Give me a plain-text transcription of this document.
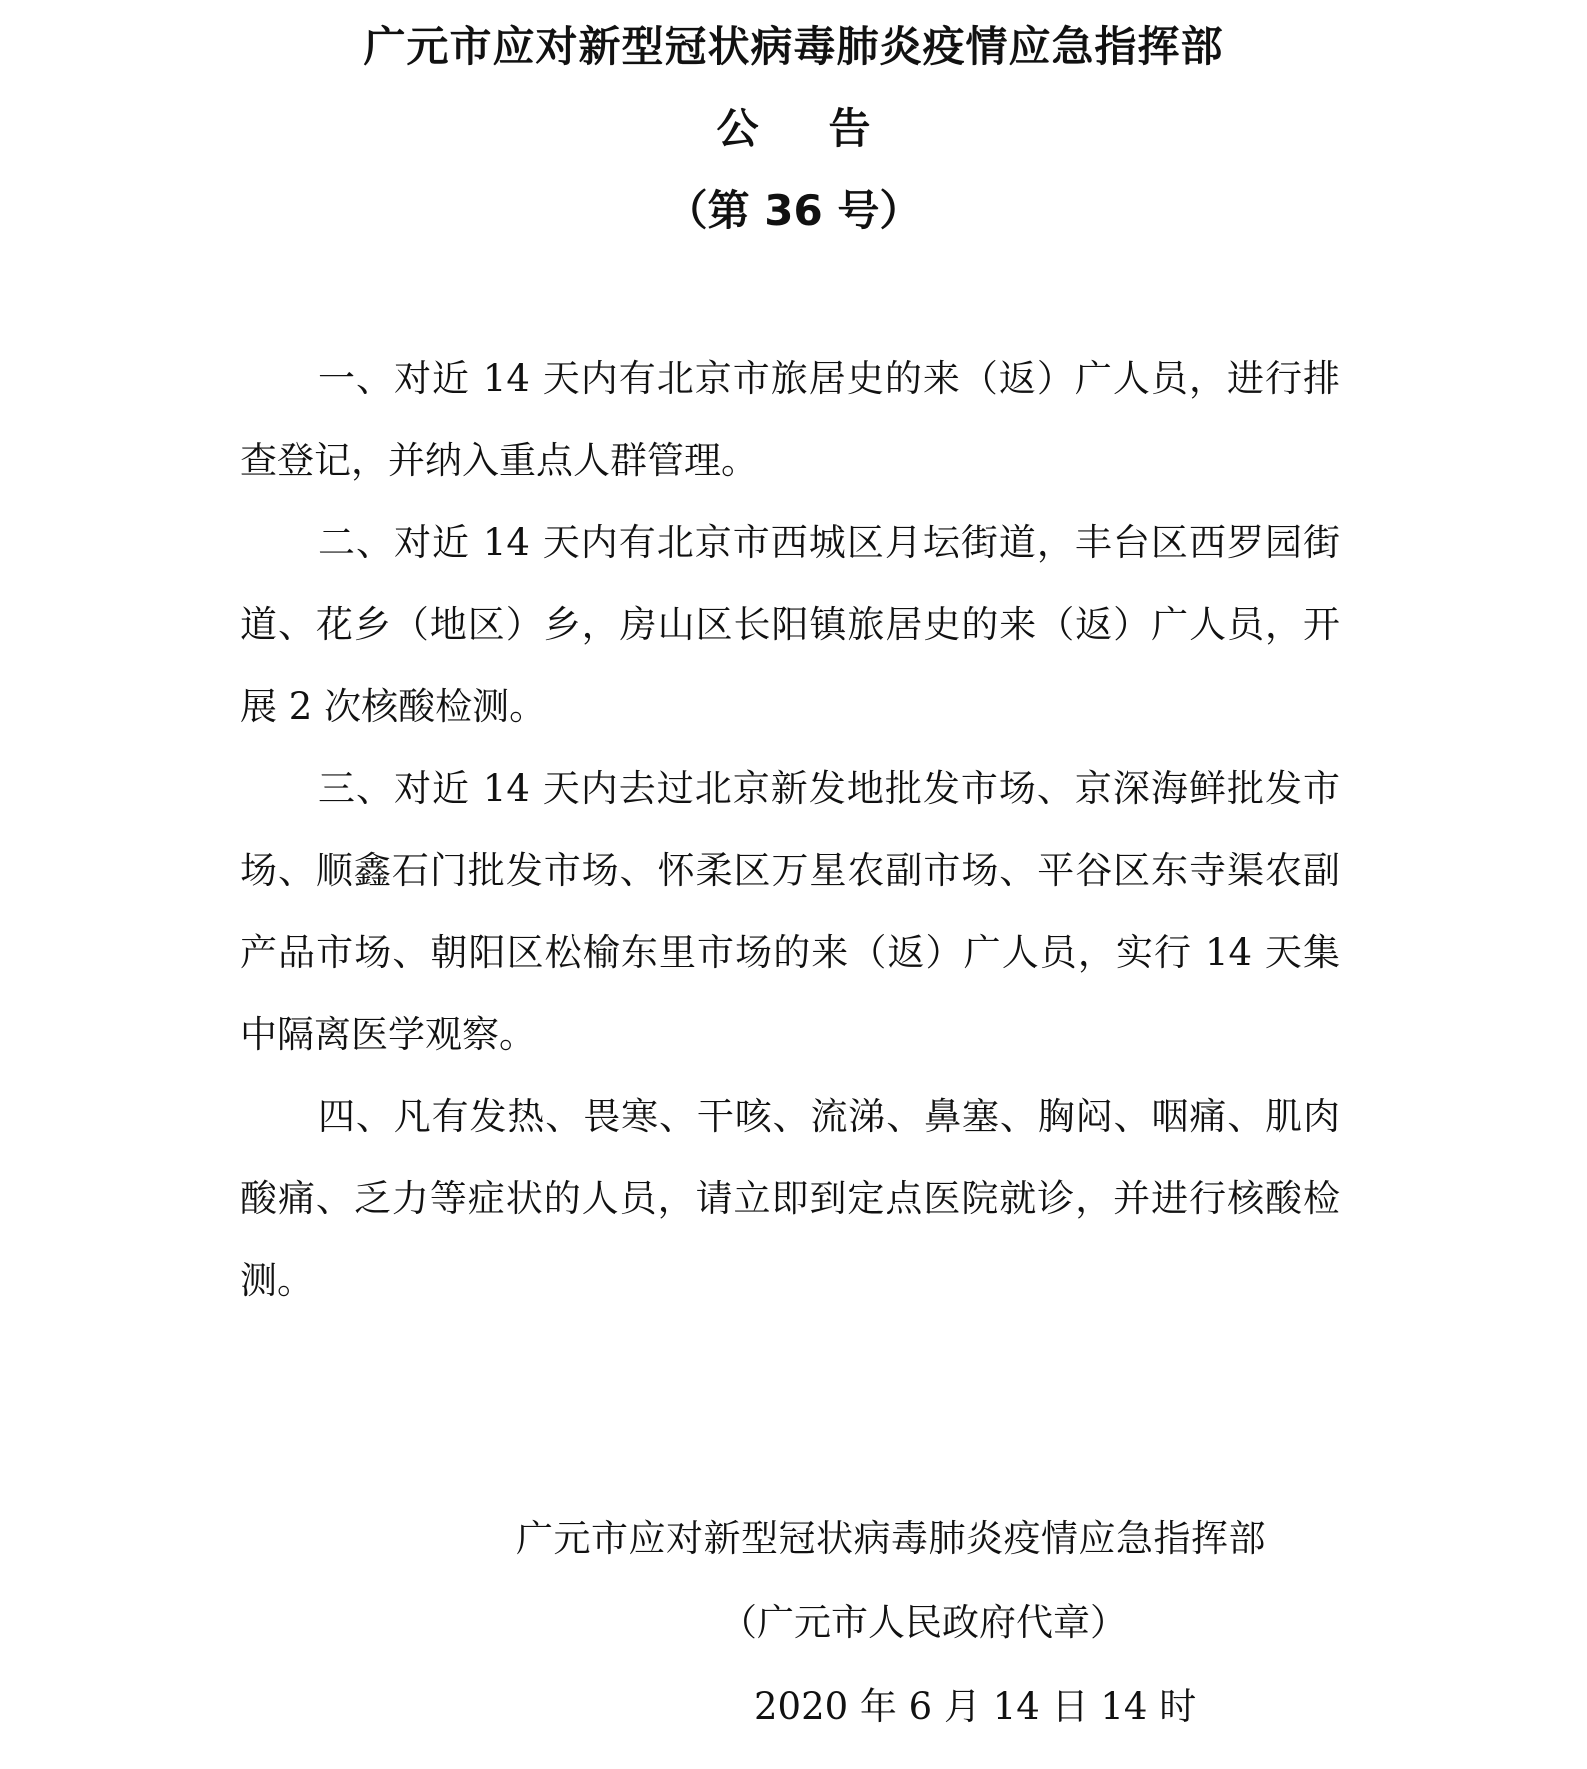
广元市应对新型冠状病毒肺炎疫情应急指挥部
公告
（第 36 号）

一、对近 14 天内有北京市旅居史的来（返）广人员，进行排查登记，并纳入重点人群管理。

二、对近 14 天内有北京市西城区月坛街道，丰台区西罗园街道、花乡（地区）乡，房山区长阳镇旅居史的来（返）广人员，开展 2 次核酸检测。

三、对近 14 天内去过北京新发地批发市场、京深海鲜批发市场、顺鑫石门批发市场、怀柔区万星农副市场、平谷区东寺渠农副产品市场、朝阳区松榆东里市场的来（返）广人员，实行 14 天集中隔离医学观察。

四、凡有发热、畏寒、干咳、流涕、鼻塞、胸闷、咽痛、肌肉酸痛、乏力等症状的人员，请立即到定点医院就诊，并进行核酸检测。

广元市应对新型冠状病毒肺炎疫情应急指挥部

（广元市人民政府代章）

2020 年 6 月 14 日 14 时
